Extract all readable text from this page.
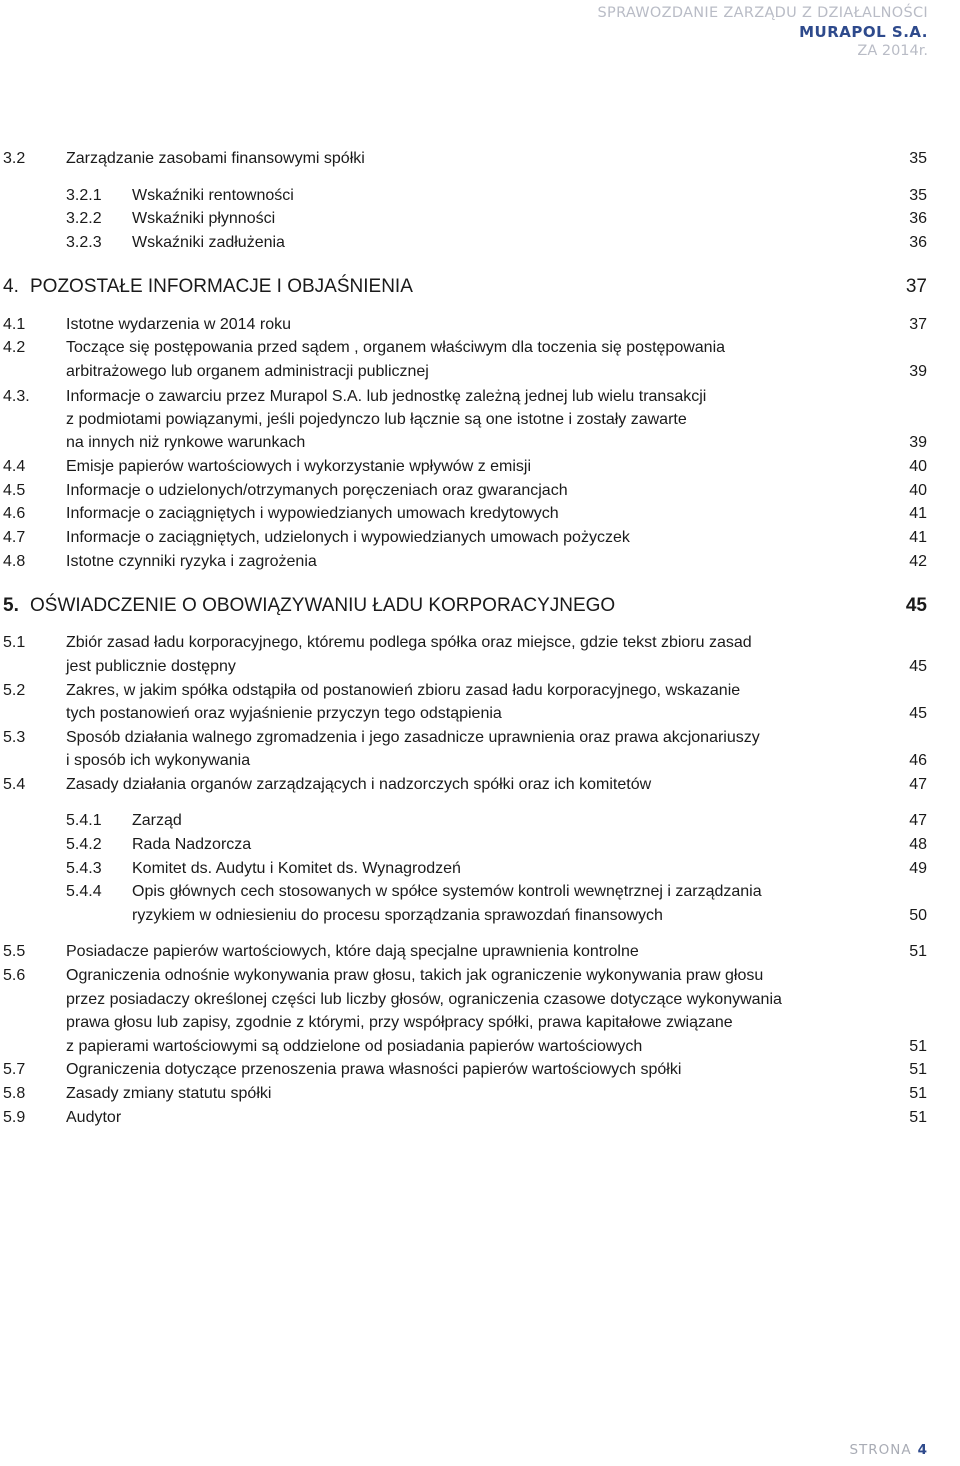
SPRAWOZDANIE ZARZĄDU Z DZIAŁALNOŚCI
MURAPOL S.A.
ZA 2014r.
3.2	Zarządzanie zasobami finansowymi spółki	35
3.2.1 Wskaźniki rentowności	35
3.2.2 Wskaźniki płynności	36
3.2.3 Wskaźniki zadłużenia	36
4. POZOSTAŁE INFORMACJE I OBJAŚNIENIA	37
4.1	Istotne wydarzenia w 2014 roku	37
4.2	Toczące się postępowania przed sądem , organem właściwym dla toczenia się postępowania
arbitrażowego lub organem administracji publicznej	39
4.3. Informacje o zawarciu przez Murapol S.A. lub jednostkę zależną jednej lub wielu transakcji
z podmiotami powiązanymi, jeśli pojedynczo lub łącznie są one istotne i zostały zawarte
na innych niż rynkowe warunkach	39
4.4	Emisje papierów wartościowych i wykorzystanie wpływów z emisji	40
4.5	Informacje o udzielonych/otrzymanych poręczeniach oraz gwarancjach	40
4.6	Informacje o zaciągniętych i wypowiedzianych umowach kredytowych	41
4.7	Informacje o zaciągniętych, udzielonych i wypowiedzianych umowach pożyczek	41
4.8	Istotne czynniki ryzyka i zagrożenia	42
5. OŚWIADCZENIE O OBOWIĄZYWANIU ŁADU KORPORACYJNEGO	45
5.1	Zbiór zasad ładu korporacyjnego, któremu podlega spółka oraz miejsce, gdzie tekst zbioru zasad
jest publicznie dostępny	45
5.2	Zakres, w jakim spółka odstąpiła od postanowień zbioru zasad ładu korporacyjnego, wskazanie
tych postanowień oraz wyjaśnienie przyczyn tego odstąpienia	45
5.3	Sposób działania walnego zgromadzenia i jego zasadnicze uprawnienia oraz prawa akcjonariuszy
i sposób ich wykonywania	46
5.4	Zasady działania organów zarządzających i nadzorczych spółki oraz ich komitetów	47
5.4.1 Zarząd	47
5.4.2 Rada Nadzorcza	48
5.4.3 Komitet ds. Audytu i Komitet ds. Wynagrodzeń	49
5.4.4 Opis głównych cech stosowanych w spółce systemów kontroli wewnętrznej i zarządzania
ryzykiem w odniesieniu do procesu sporządzania sprawozdań finansowych	50
5.5	Posiadacze papierów wartościowych, które dają specjalne uprawnienia kontrolne	51
5.6	Ograniczenia odnośnie wykonywania praw głosu, takich jak ograniczenie wykonywania praw głosu
przez posiadaczy określonej części lub liczby głosów, ograniczenia czasowe dotyczące wykonywania
prawa głosu lub zapisy, zgodnie z którymi, przy współpracy spółki, prawa kapitałowe związane
z papierami wartościowymi są oddzielone od posiadania papierów wartościowych	51
5.7	Ograniczenia dotyczące przenoszenia prawa własności papierów wartościowych spółki	51
5.8	Zasady zmiany statutu spółki	51
5.9	Audytor	51
STRONA 4
